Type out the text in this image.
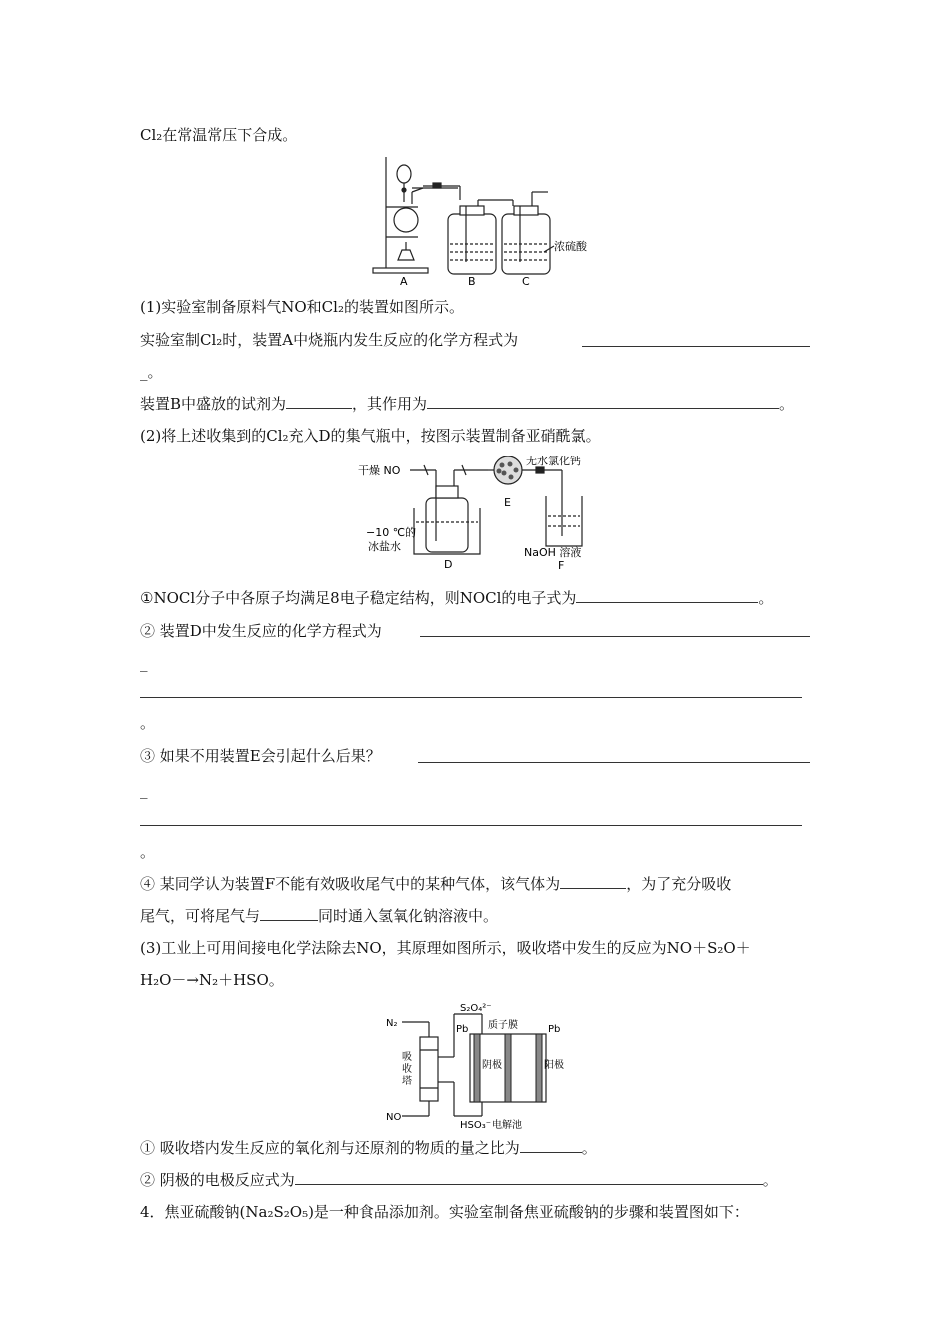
Cl₂在常温常压下合成。
A	B	C
浓硫酸
(1)实验室制备原料气NO和Cl₂的装置如图所示。
实验室制Cl₂时，装置A中烧瓶内发生反应的化学方程式为
_。
装置B中盛放的试剂为	，其作用为	。
(2)将上述收集到的Cl₂充入D的集气瓶中，按图示装置制备亚硝酰氯。
干燥 NO
无水氯化钙
E
−10 ℃的
冰盐水
D
NaOH 溶液
F
①NOCl分子中各原子均满足8电子稳定结构，则NOCl的电子式为	。
② 装置D中发生反应的化学方程式为
_
。
③ 如果不用装置E会引起什么后果？
_
。
④ 某同学认为装置F不能有效吸收尾气中的某种气体，该气体为	，为了充分吸收
尾气，可将尾气与	同时通入氢氧化钠溶液中。
(3)工业上可用间接电化学法除去NO，其原理如图所示，吸收塔中发生的反应为NO＋S₂O＋
H₂O－→N₂＋HSO。
N₂
S₂O₄²⁻
Pb 质子膜	Pb
吸
收
塔
阴极	阳极
NO
HSO₃⁻ 电解池
① 吸收塔内发生反应的氧化剂与还原剂的物质的量之比为	。
② 阴极的电极反应式为	。
4．焦亚硫酸钠(Na₂S₂O₅)是一种食品添加剂。实验室制备焦亚硫酸钠的步骤和装置图如下：
